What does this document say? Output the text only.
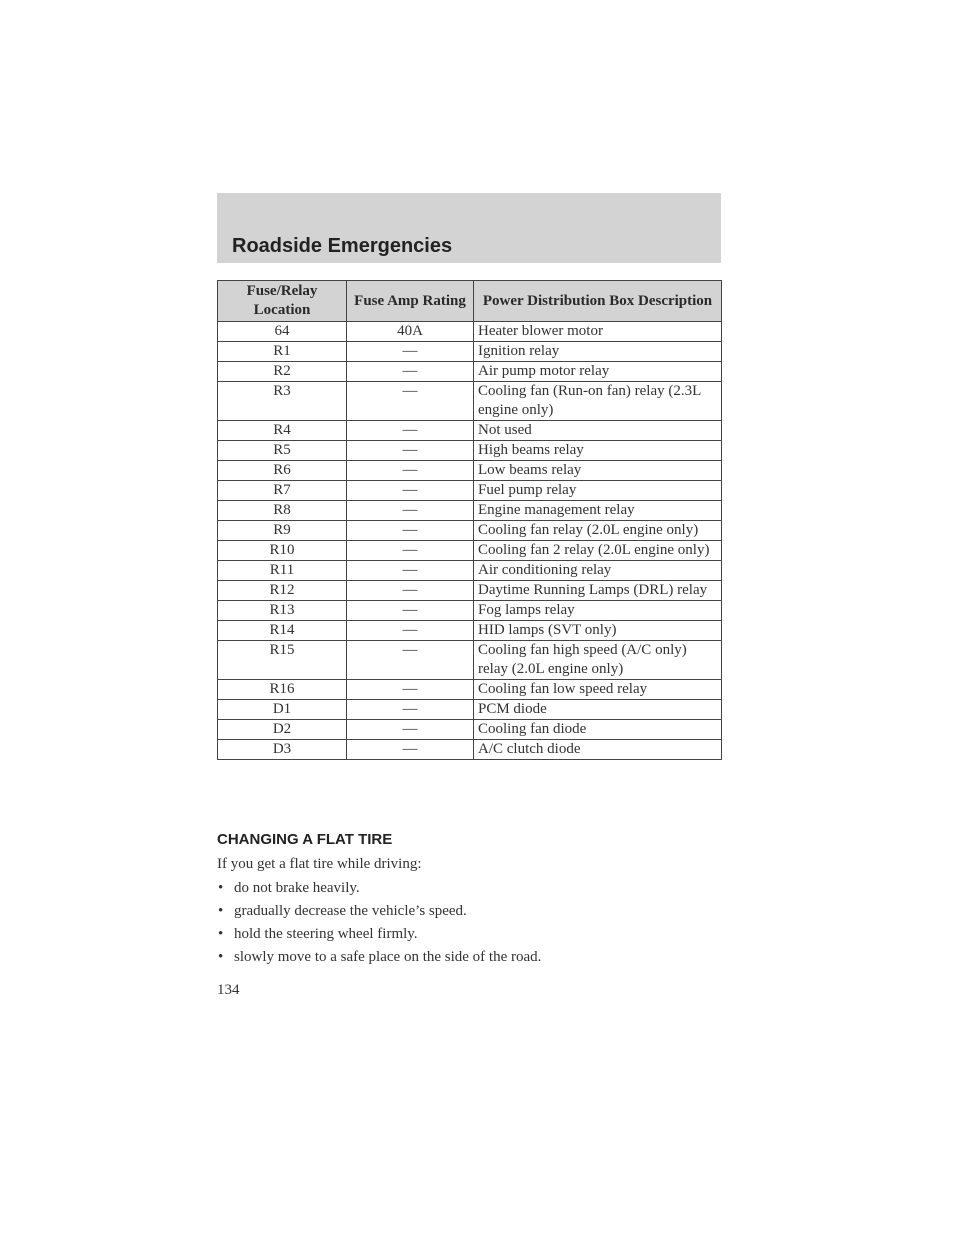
Roadside Emergencies
Fuse/Relay Location	Fuse Amp Rating	Power Distribution Box Description
64	40A	Heater blower motor
R1	—	Ignition relay
R2	—	Air pump motor relay
R3	—	Cooling fan (Run-on fan) relay (2.3L engine only)
R4	—	Not used
R5	—	High beams relay
R6	—	Low beams relay
R7	—	Fuel pump relay
R8	—	Engine management relay
R9	—	Cooling fan relay (2.0L engine only)
R10	—	Cooling fan 2 relay (2.0L engine only)
R11	—	Air conditioning relay
R12	—	Daytime Running Lamps (DRL) relay
R13	—	Fog lamps relay
R14	—	HID lamps (SVT only)
R15	—	Cooling fan high speed (A/C only) relay (2.0L engine only)
R16	—	Cooling fan low speed relay
D1	—	PCM diode
D2	—	Cooling fan diode
D3	—	A/C clutch diode
CHANGING A FLAT TIRE

If you get a flat tire while driving:

• do not brake heavily.
• gradually decrease the vehicle’s speed.
• hold the steering wheel firmly.
• slowly move to a safe place on the side of the road.

134
